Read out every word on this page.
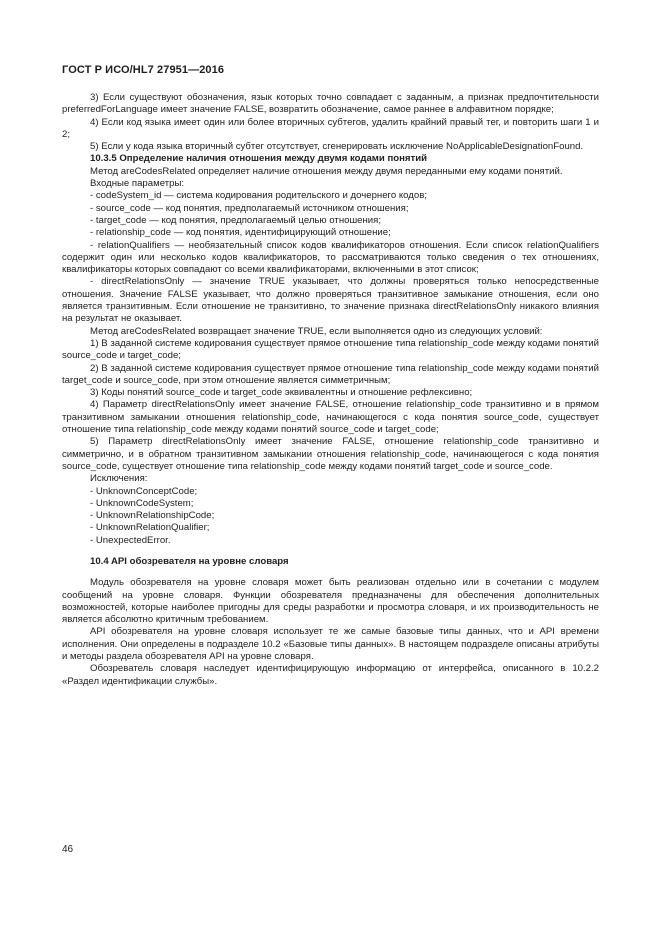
ГОСТ Р ИСО/HL7 27951—2016

3) Если существуют обозначения, язык которых точно совпадает с заданным, а признак предпочтительности preferredForLanguage имеет значение FALSE, возвратить обозначение, самое раннее в алфавитном порядке;

4) Если код языка имеет один или более вторичных субтегов, удалить крайний правый тег, и повторить шаги 1 и 2;

5) Если у кода языка вторичный субтег отсутствует, сгенерировать исключение NoApplicableDesignationFound.

10.3.5 Определение наличия отношения между двумя кодами понятий

Метод areCodesRelated определяет наличие отношения между двумя переданными ему кодами понятий.

Входные параметры:

- codeSystem_id — система кодирования родительского и дочернего кодов;

- source_code — код понятия, предполагаемый источником отношения;

- target_code — код понятия, предполагаемый целью отношения;

- relationship_code — код понятия, идентифицирующий отношение;

- relationQualifiers — необязательный список кодов квалификаторов отношения. Если список relationQualifiers содержит один или несколько кодов квалификаторов, то рассматриваются только сведения о тех отношениях, квалификаторы которых совпадают со всеми квалификаторами, включенными в этот список;

- directRelationsOnly — значение TRUE указывает, что должны проверяться только непосредственные отношения. Значение FALSE указывает, что должно проверяться транзитивное замыкание отношения, если оно является транзитивным. Если отношение не транзитивно, то значение признака directRelationsOnly никакого влияния на результат не оказывает.

Метод areCodesRelated возвращает значение TRUE, если выполняется одно из следующих условий:

1) В заданной системе кодирования существует прямое отношение типа relationship_code между кодами понятий source_code и target_code;

2) В заданной системе кодирования существует прямое отношение типа relationship_code между кодами понятий target_code и source_code, при этом отношение является симметричным;

3) Коды понятий source_code и target_code эквивалентны и отношение рефлексивно;

4) Параметр directRelationsOnly имеет значение FALSE, отношение relationship_code транзитивно и в прямом транзитивном замыкании отношения relationship_code, начинающегося с кода понятия source_code, существует отношение типа relationship_code между кодами понятий source_code и target_code;

5) Параметр directRelationsOnly имеет значение FALSE, отношение relationship_code транзитивно и симметрично, и в обратном транзитивном замыкании отношения relationship_code, начинающегося с кода понятия source_code, существует отношение типа relationship_code между кодами понятий target_code и source_code.

Исключения:

- UnknownConceptCode;

- UnknownCodeSystem;

- UnknownRelationshipCode;

- UnknownRelationQualifier;

- UnexpectedError.

10.4 API обозревателя на уровне словаря

Модуль обозревателя на уровне словаря может быть реализован отдельно или в сочетании с модулем сообщений на уровне словаря. Функции обозревателя предназначены для обеспечения дополнительных возможностей, которые наиболее пригодны для среды разработки и просмотра словаря, и их производительность не является абсолютно критичным требованием.

API обозревателя на уровне словаря использует те же самые базовые типы данных, что и API времени исполнения. Они определены в подразделе 10.2 «Базовые типы данных». В настоящем подразделе описаны атрибуты и методы раздела обозревателя API на уровне словаря.

Обозреватель словаря наследует идентифицирующую информацию от интерфейса, описанного в 10.2.2 «Раздел идентификации службы».

46
